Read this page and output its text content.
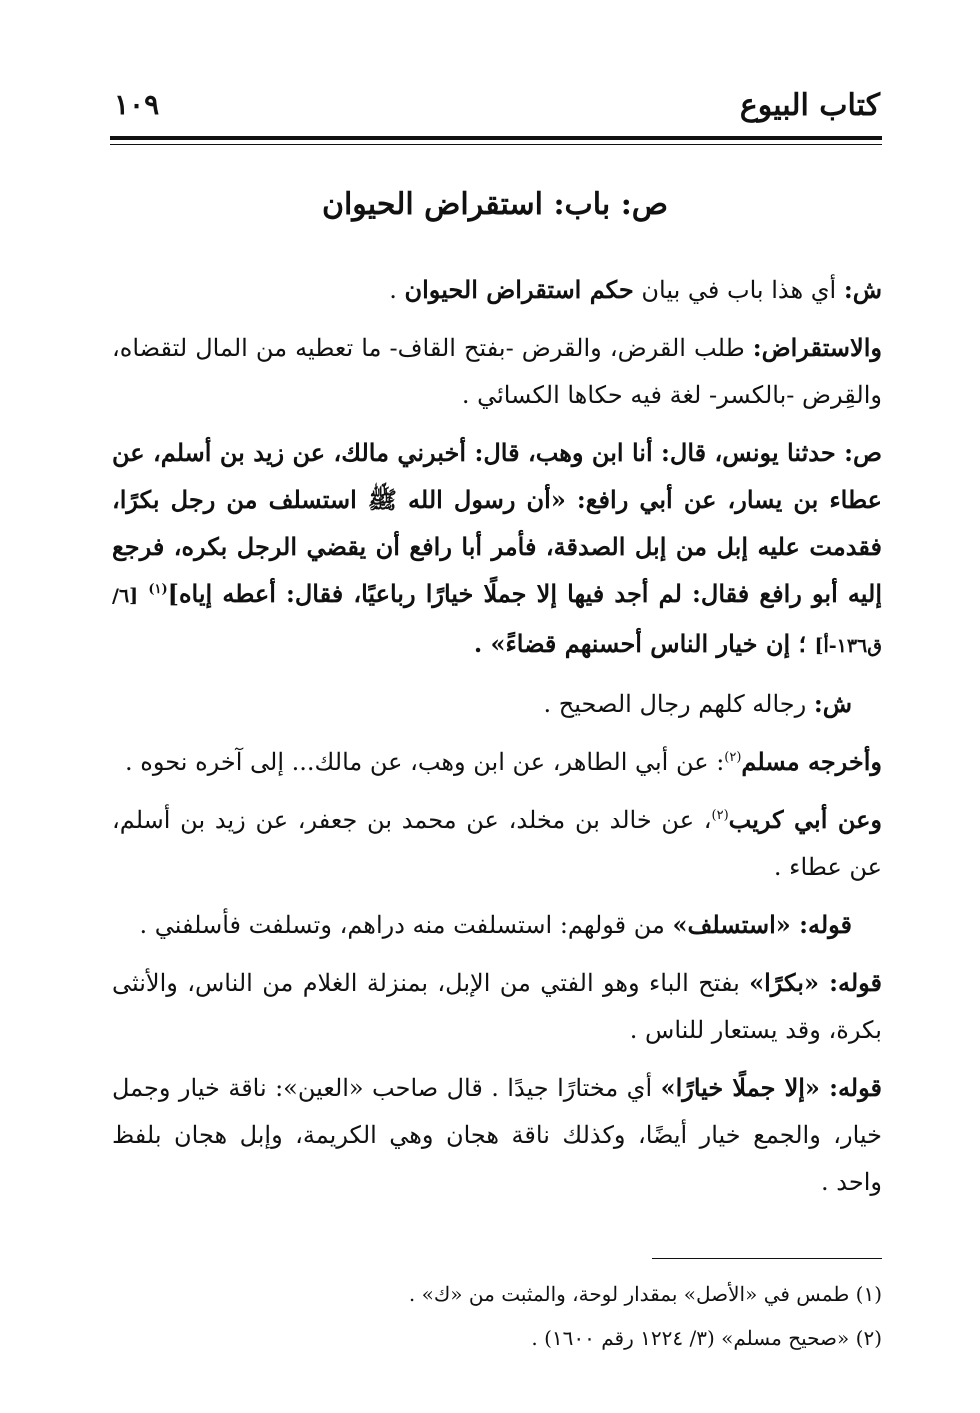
كتاب البيوع
١٠٩
ص: باب: استقراض الحيوان

ش: أي هذا باب في بيان حكم استقراض الحيوان .

والاستقراض: طلب القرض، والقرض -بفتح القاف- ما تعطيه من المال لتقضاه، والقِرض -بالكسر- لغة فيه حكاها الكسائي .

ص: حدثنا يونس، قال: أنا ابن وهب، قال: أخبرني مالك، عن زيد بن أسلم، عن عطاء بن يسار، عن أبي رافع: «أن رسول الله ﷺ استسلف من رجل بكرًا، فقدمت عليه إبل من إبل الصدقة، فأمر أبا رافع أن يقضي الرجل بكره، فرجع إليه أبو رافع فقال: لم أجد فيها إلا جملًا خيارًا رباعيًا، فقال: أعطه إياه]$^{(١)}$ [٦/ ق١٣٦-أ] ؛ إن خيار الناس أحسنهم قضاءً» .

ش: رجاله كلهم رجال الصحيح .

وأخرجه مسلم$^{(٢)}$: عن أبي الطاهر، عن ابن وهب، عن مالك... إلى آخره نحوه .

وعن أبي كريب$^{(٢)}$، عن خالد بن مخلد، عن محمد بن جعفر، عن زيد بن أسلم، عن عطاء .

قوله: «استسلف» من قولهم: استسلفت منه دراهم، وتسلفت فأسلفني .

قوله: «بكرًا» بفتح الباء وهو الفتي من الإبل، بمنزلة الغلام من الناس، والأنثى بكرة، وقد يستعار للناس .

قوله: «إلا جملًا خيارًا» أي مختارًا جيدًا . قال صاحب «العين»: ناقة خيار وجمل خيار، والجمع خيار أيضًا، وكذلك ناقة هجان وهي الكريمة، وإبل هجان بلفظ واحد .

(١) طمس في «الأصل» بمقدار لوحة، والمثبت من «ك» .

(٢) «صحيح مسلم» (٣/ ١٢٢٤ رقم ١٦٠٠) .
